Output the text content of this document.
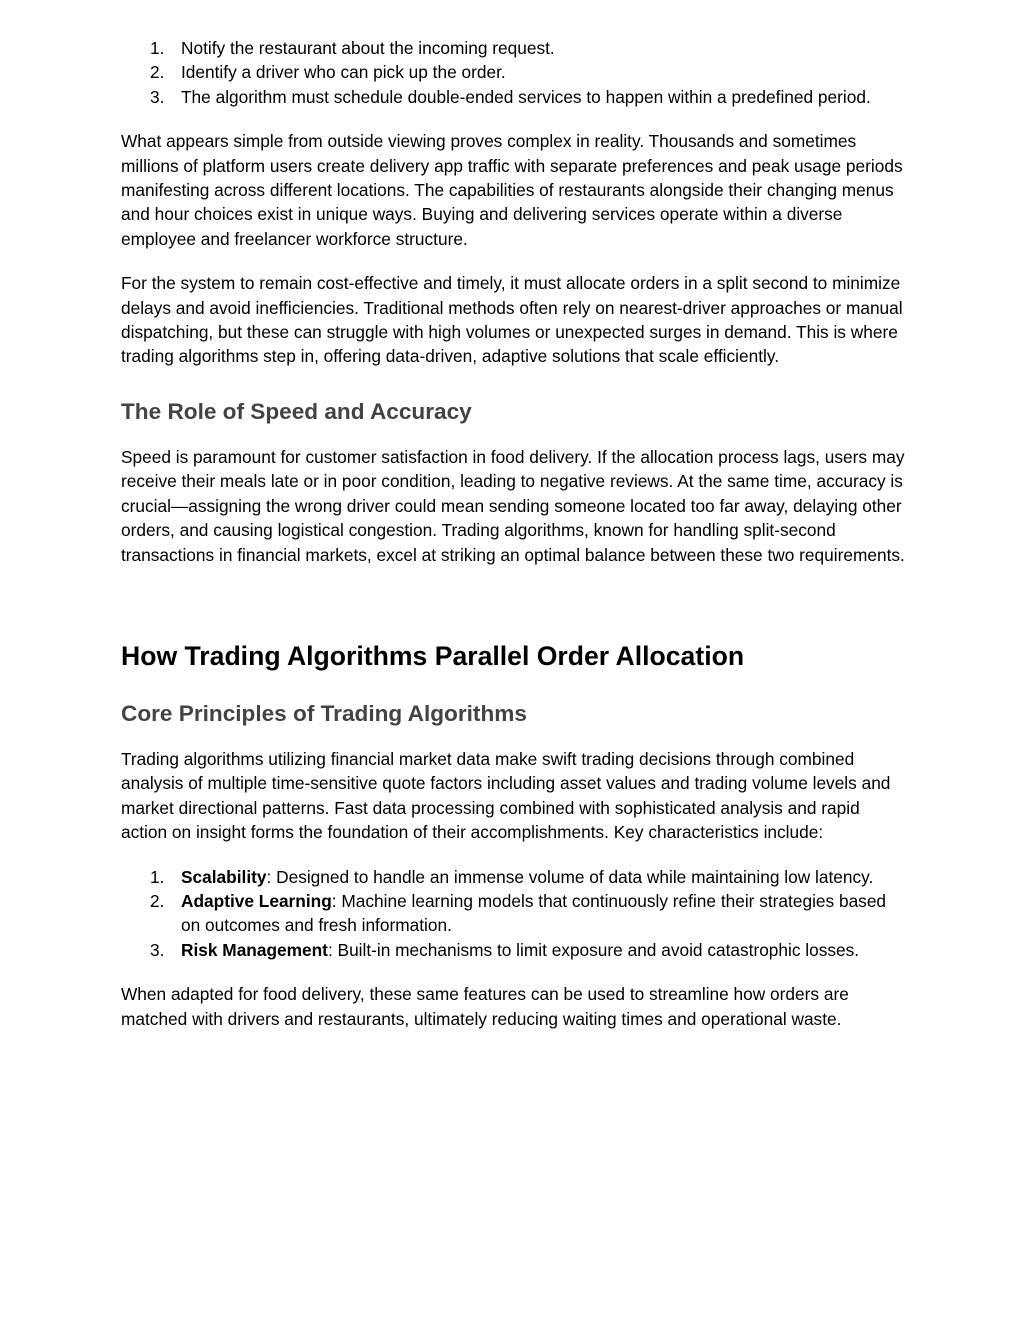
1. Notify the restaurant about the incoming request.
2. Identify a driver who can pick up the order.
3. The algorithm must schedule double-ended services to happen within a predefined period.

What appears simple from outside viewing proves complex in reality. Thousands and sometimes millions of platform users create delivery app traffic with separate preferences and peak usage periods manifesting across different locations. The capabilities of restaurants alongside their changing menus and hour choices exist in unique ways. Buying and delivering services operate within a diverse employee and freelancer workforce structure.

For the system to remain cost-effective and timely, it must allocate orders in a split second to minimize delays and avoid inefficiencies. Traditional methods often rely on nearest-driver approaches or manual dispatching, but these can struggle with high volumes or unexpected surges in demand. This is where trading algorithms step in, offering data-driven, adaptive solutions that scale efficiently.

The Role of Speed and Accuracy

Speed is paramount for customer satisfaction in food delivery. If the allocation process lags, users may receive their meals late or in poor condition, leading to negative reviews. At the same time, accuracy is crucial—assigning the wrong driver could mean sending someone located too far away, delaying other orders, and causing logistical congestion. Trading algorithms, known for handling split-second transactions in financial markets, excel at striking an optimal balance between these two requirements.

How Trading Algorithms Parallel Order Allocation
Core Principles of Trading Algorithms

Trading algorithms utilizing financial market data make swift trading decisions through combined analysis of multiple time-sensitive quote factors including asset values and trading volume levels and market directional patterns. Fast data processing combined with sophisticated analysis and rapid action on insight forms the foundation of their accomplishments. Key characteristics include:

1. Scalability: Designed to handle an immense volume of data while maintaining low latency.
2. Adaptive Learning: Machine learning models that continuously refine their strategies based on outcomes and fresh information.
3. Risk Management: Built-in mechanisms to limit exposure and avoid catastrophic losses.

When adapted for food delivery, these same features can be used to streamline how orders are matched with drivers and restaurants, ultimately reducing waiting times and operational waste.
